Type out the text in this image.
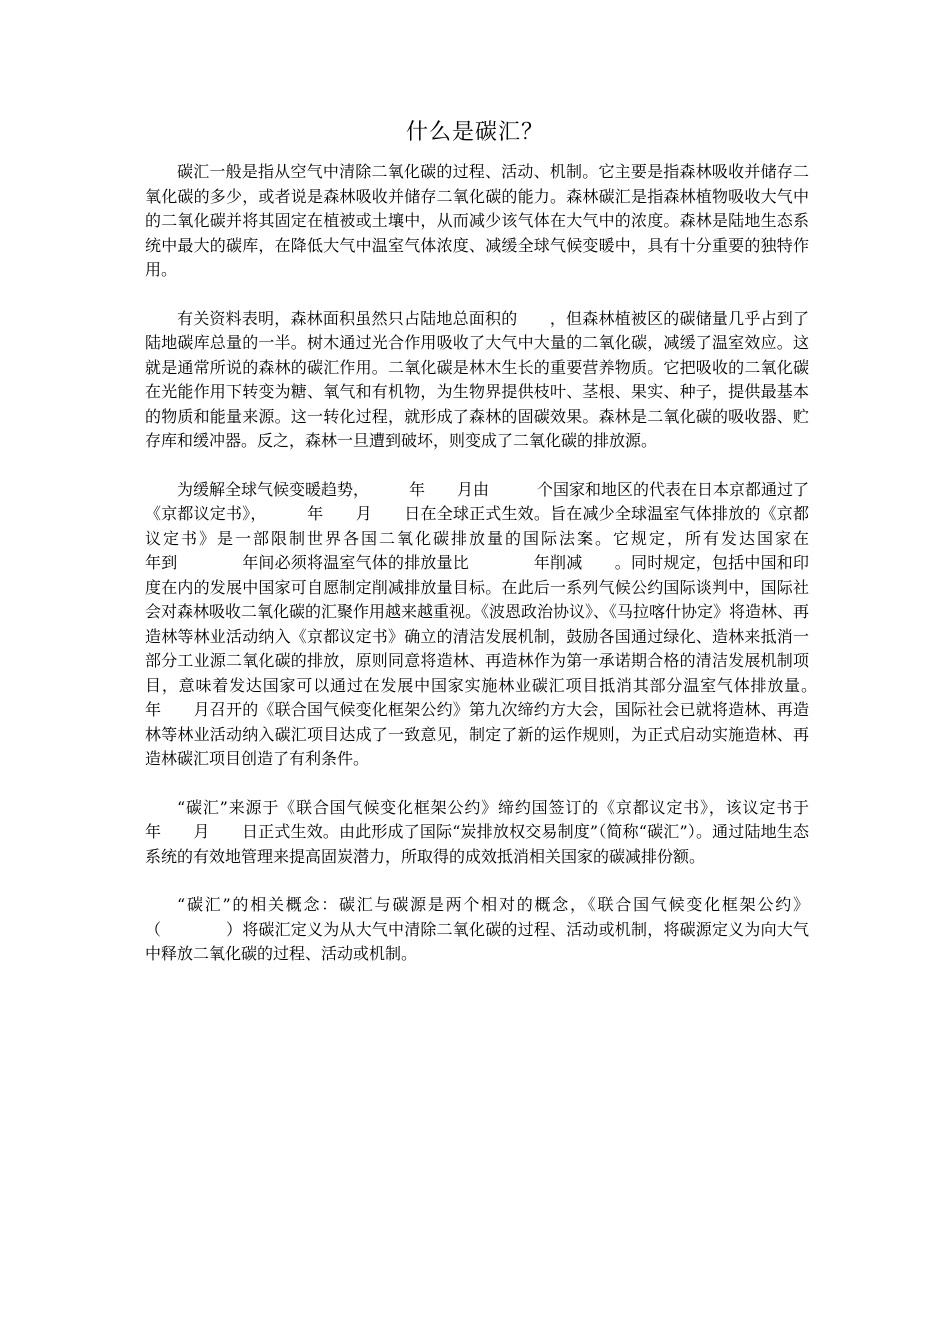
什么是碳汇？

碳汇一般是指从空气中清除二氧化碳的过程、活动、机制。它主要是指森林吸收并储存二氧化碳的多少，或者说是森林吸收并储存二氧化碳的能力。森林碳汇是指森林植物吸收大气中的二氧化碳并将其固定在植被或土壤中，从而减少该气体在大气中的浓度。森林是陆地生态系统中最大的碳库，在降低大气中温室气体浓度、减缓全球气候变暖中，具有十分重要的独特作用。

有关资料表明，森林面积虽然只占陆地总面积的　　，但森林植被区的碳储量几乎占到了陆地碳库总量的一半。树木通过光合作用吸收了大气中大量的二氧化碳，减缓了温室效应。这就是通常所说的森林的碳汇作用。二氧化碳是林木生长的重要营养物质。它把吸收的二氧化碳在光能作用下转变为糖、氧气和有机物，为生物界提供枝叶、茎根、果实、种子，提供最基本的物质和能量来源。这一转化过程，就形成了森林的固碳效果。森林是二氧化碳的吸收器、贮存库和缓冲器。反之，森林一旦遭到破坏，则变成了二氧化碳的排放源。

为缓解全球气候变暖趋势，　　　年　　月由　　　个国家和地区的代表在日本京都通过了《京都议定书》，　　　年　　月　　日在全球正式生效。旨在减少全球温室气体排放的《京都议定书》是一部限制世界各国二氧化碳排放量的国际法案。它规定，所有发达国家在　　　　年到　　　　年间必须将温室气体的排放量比　　　　年削减　　。同时规定，包括中国和印度在内的发展中国家可自愿制定削减排放量目标。在此后一系列气候公约国际谈判中，国际社会对森林吸收二氧化碳的汇聚作用越来越重视。《波恩政治协议》、《马拉喀什协定》将造林、再造林等林业活动纳入《京都议定书》确立的清洁发展机制，鼓励各国通过绿化、造林来抵消一部分工业源二氧化碳的排放，原则同意将造林、再造林作为第一承诺期合格的清洁发展机制项目，意味着发达国家可以通过在发展中国家实施林业碳汇项目抵消其部分温室气体排放量。　　　年　　月召开的《联合国气候变化框架公约》第九次缔约方大会，国际社会已就将造林、再造林等林业活动纳入碳汇项目达成了一致意见，制定了新的运作规则，为正式启动实施造林、再造林碳汇项目创造了有利条件。

“碳汇”来源于《联合国气候变化框架公约》缔约国签订的《京都议定书》，该议定书于　　　年　　月　　日正式生效。由此形成了国际“炭排放权交易制度”（简称“碳汇”）。通过陆地生态系统的有效地管理来提高固炭潜力，所取得的成效抵消相关国家的碳减排份额。

“碳汇”的相关概念：碳汇与碳源是两个相对的概念，《联合国气候变化框架公约》（　　　　）将碳汇定义为从大气中清除二氧化碳的过程、活动或机制，将碳源定义为向大气中释放二氧化碳的过程、活动或机制。
